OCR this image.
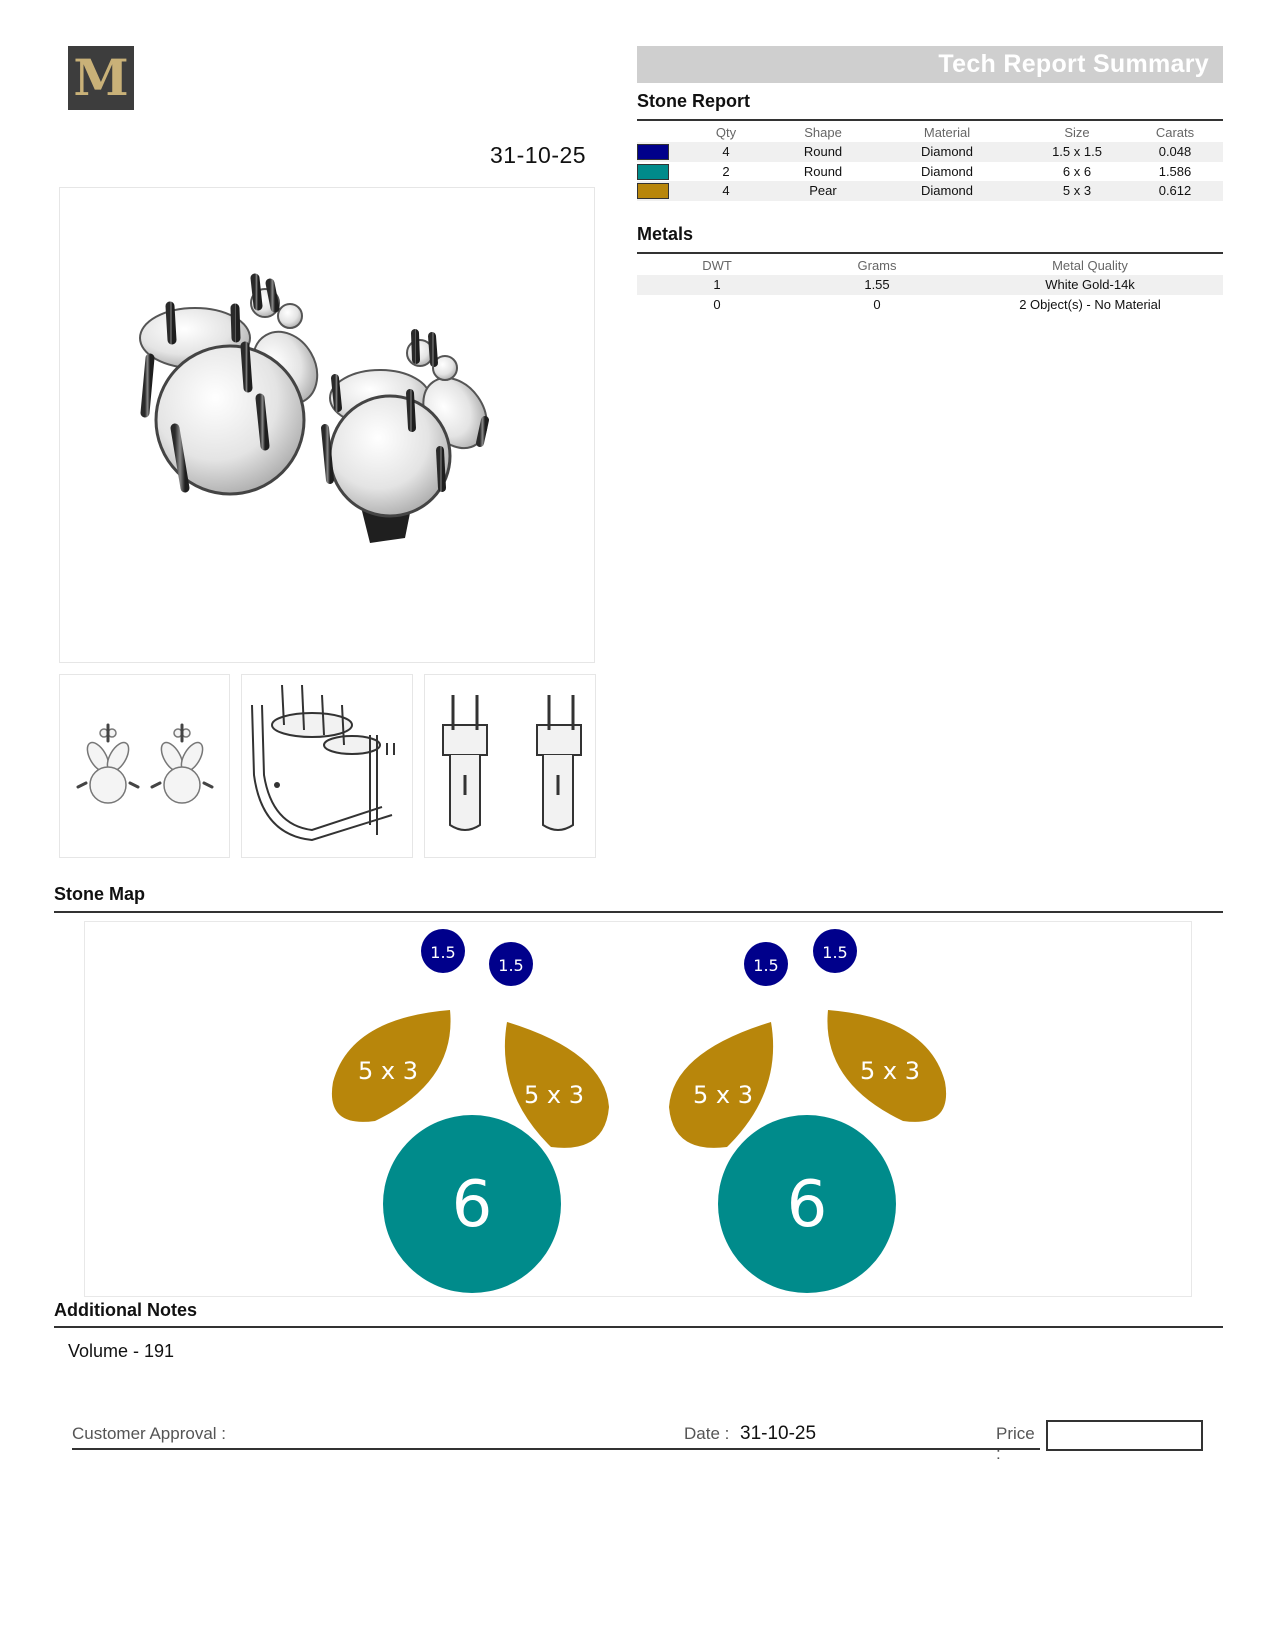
M
31-10-25
Tech Report Summary
Stone Report
	Qty	Shape	Material	Size	Carats
	4	Round	Diamond	1.5 x 1.5	0.048
	2	Round	Diamond	6 x 6	1.586
	4	Pear	Diamond	5 x 3	0.612
Metals
DWT	Grams	Metal Quality
1	1.55	White Gold-14k
0	0	2 Object(s) - No Material
Stone Map
1.5
1.5	1.5
1.5
5 x 3
5 x 3	5 x 3
5 x 3
6	6
Additional Notes
Volume - 191
Customer Approval :	Date : 31-10-25	Price :
